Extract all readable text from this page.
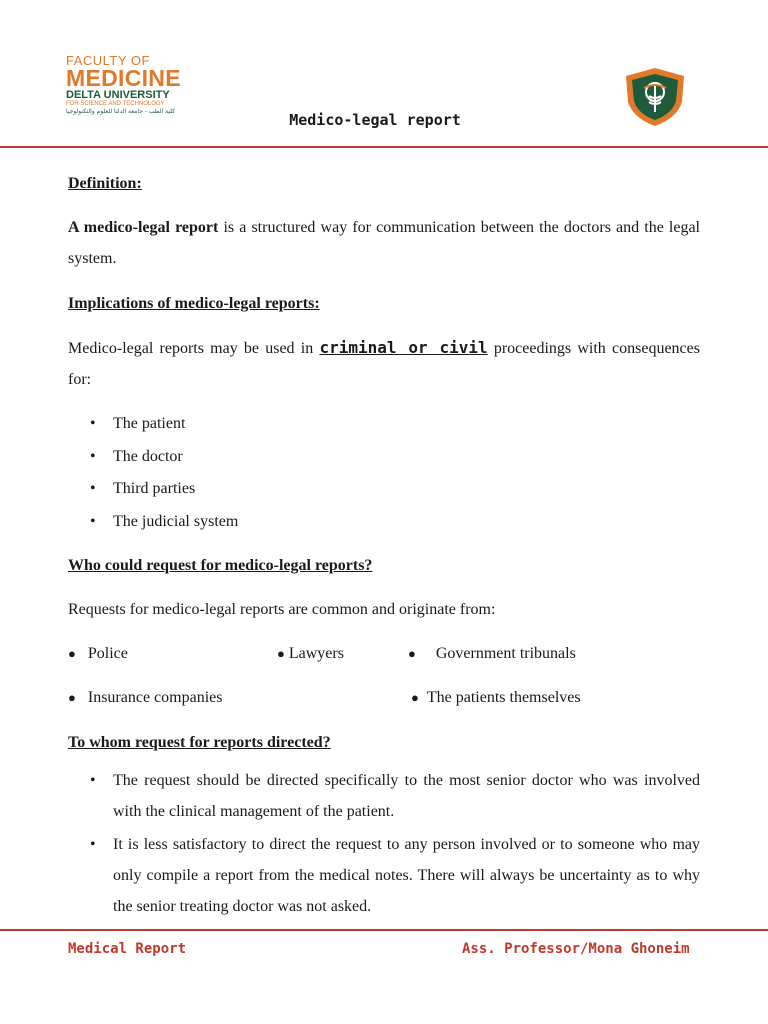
FACULTY OF
MEDICINE
DELTA UNIVERSITY
FOR SCIENCE AND TECHNOLOGY
كلية الطب - جامعة الدلتا للعلوم والتكنولوجيا	Medico-legal report
Definition:

A medico-legal report is a structured way for communication between the doctors and the legal system.

Implications of medico-legal reports:

Medico-legal reports may be used in criminal or civil proceedings with consequences for:

• The patient
• The doctor
• Third parties
• The judicial system
Who could request for medico-legal reports?

Requests for medico-legal reports are common and originate from:

● Police	● Lawyers	● Government tribunals
● Insurance companies	● The patients themselves
To whom request for reports directed?
• The request should be directed specifically to the most senior doctor who was involved with the clinical management of the patient.
• It is less satisfactory to direct the request to any person involved or to someone who may only compile a report from the medical notes. There will always be uncertainty as to why the senior treating doctor was not asked.
Medical Report	Ass. Professor/Mona Ghoneim
